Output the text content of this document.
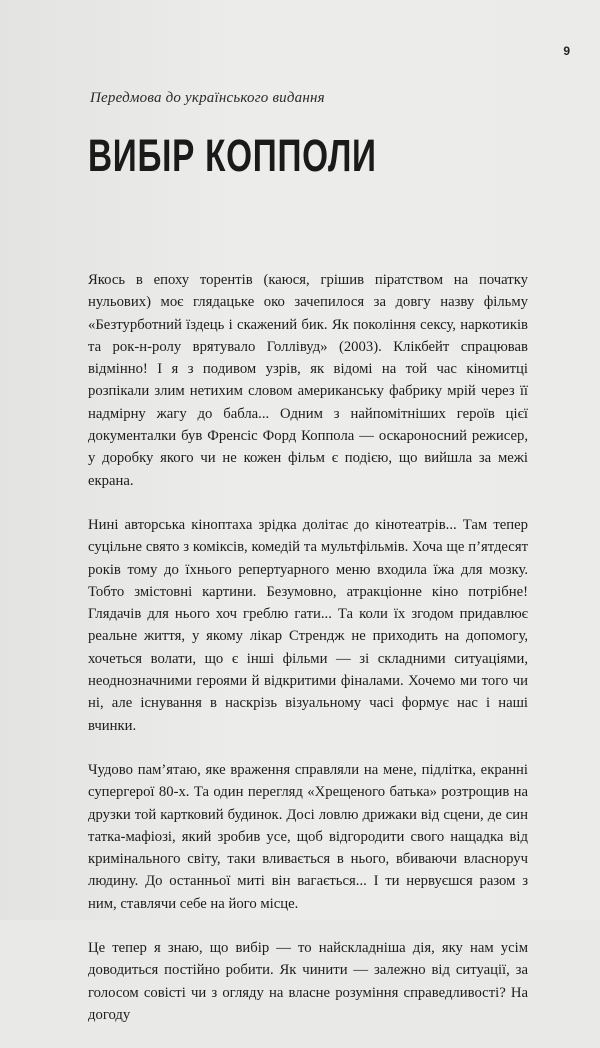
9
Передмова до українського видання
ВИБІР КОППОЛИ

Якось в епоху торентів (каюся, грішив піратством на початку нульових) моє глядацьке око зачепилося за довгу назву фільму «Безтурботний їздець і скажений бик. Як покоління сексу, наркотиків та рок-н-ролу врятувало Голлівуд» (2003). Клікбейт спрацював відмінно! І я з подивом узрів, як відомі на той час кіномитці розпікали злим нетихим словом американську фабрику мрій через її надмірну жагу до бабла... Одним з найпомітніших героїв цієї документалки був Френсіс Форд Коппола — оскароносний режисер, у доробку якого чи не кожен фільм є подією, що вийшла за межі екрана.

Нині авторська кіноптаха зрідка долітає до кінотеатрів... Там тепер суцільне свято з коміксів, комедій та мультфільмів. Хоча ще п’ятдесят років тому до їхнього репертуарного меню входила їжа для мозку. Тобто змістовні картини. Безумовно, атракціонне кіно потрібне! Глядачів для нього хоч греблю гати... Та коли їх згодом придавлює реальне життя, у якому лікар Стрендж не приходить на допомогу, хочеться волати, що є інші фільми — зі складними ситуаціями, неоднозначними героями й відкритими фіналами. Хочемо ми того чи ні, але існування в наскрізь візуальному часі формує нас і наші вчинки.

Чудово пам’ятаю, яке враження справляли на мене, підлітка, екранні супергерої 80-х. Та один перегляд «Хрещеного батька» розтрощив на друзки той картковий будинок. Досі ловлю дрижаки від сцени, де син татка-мафіозі, який зробив усе, щоб відгородити свого нащадка від кримінального світу, таки вливається в нього, вбиваючи власноруч людину. До останньої миті він вагається... І ти нервуєшся разом з ним, ставлячи себе на його місце.

Це тепер я знаю, що вибір — то найскладніша дія, яку нам усім доводиться постійно робити. Як чинити — залежно від ситуації, за голосом совісті чи з огляду на власне розуміння справедливості? На догоду
